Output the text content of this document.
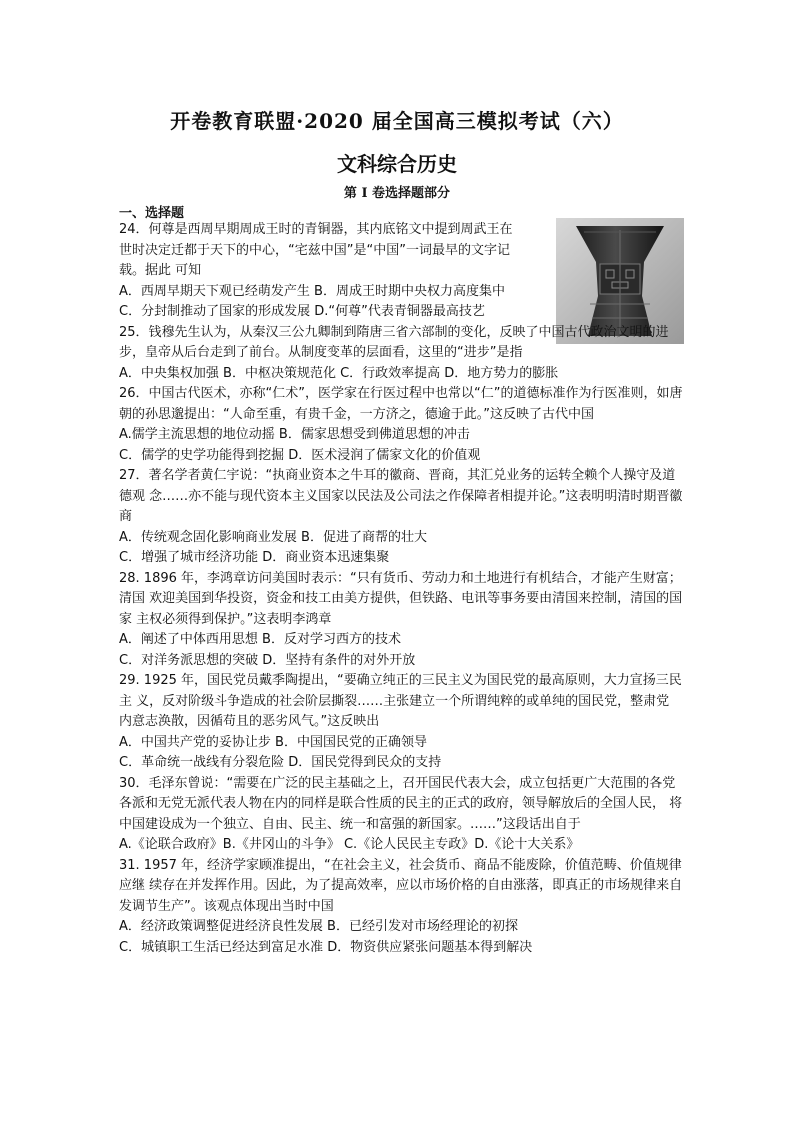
开卷教育联盟·2020 届全国高三模拟考试（六）
文科综合历史
第 I 卷选择题部分
一、选择题

24．何尊是西周早期周成王时的青铜器，其内底铭文中提到周武王在世时决定迁都于天下的中心，“宅兹中国”是“中国”一词最早的文字记载。据此 可知

A．西周早期天下观已经萌发产生 B．周成王时期中央权力高度集中

C．分封制推动了国家的形成发展 D.“何尊”代表青铜器最高技艺

25．钱穆先生认为，从秦汉三公九卿制到隋唐三省六部制的变化，反映了中国古代政治文明的进 步，皇帝从后台走到了前台。从制度变革的层面看，这里的“进步”是指

A．中央集权加强 B．中枢决策规范化 C．行政效率提高 D．地方势力的膨胀

26．中国古代医术，亦称“仁术”，医学家在行医过程中也常以“仁”的道德标准作为行医准则，如唐 朝的孙思邈提出：“人命至重，有贵千金，一方济之，德逾于此。”这反映了古代中国

A.儒学主流思想的地位动摇 B．儒家思想受到佛道思想的冲击

C．儒学的史学功能得到挖掘 D．医术浸润了儒家文化的价值观

27．著名学者黄仁宇说：“执商业资本之牛耳的徽商、晋商，其汇兑业务的运转全赖个人操守及道德观 念……亦不能与现代资本主义国家以民法及公司法之作保障者相提并论。”这表明明清时期晋徽商

A．传统观念固化影响商业发展 B．促进了商帮的壮大

C．增强了城市经济功能 D．商业资本迅速集聚

28. 1896 年，李鸿章访问美国时表示：“只有货币、劳动力和土地进行有机结合，才能产生财富；清国 欢迎美国到华投资，资金和技工由美方提供，但铁路、电讯等事务要由清国来控制，清国的国家 主权必须得到保护。”这表明李鸿章

A．阐述了中体西用思想 B．反对学习西方的技术

C．对洋务派思想的突破 D．坚持有条件的对外开放

29. 1925 年，国民党员戴季陶提出，“要确立纯正的三民主义为国民党的最高原则，大力宣扬三民主 义，反对阶级斗争造成的社会阶层撕裂……主张建立一个所谓纯粹的或单纯的国民党，整肃党 内意志涣散，因循苟且的恶劣风气。”这反映出

A．中国共产党的妥协让步 B．中国国民党的正确领导

C．革命统一战线有分裂危险 D．国民党得到民众的支持

30．毛泽东曾说：“需要在广泛的民主基础之上，召开国民代表大会，成立包括更广大范围的各党各派和无党无派代表人物在内的同样是联合性质的民主的正式的政府，领导解放后的全国人民， 将中国建设成为一个独立、自由、民主、统一和富强的新国家。……”这段话出自于

A.《论联合政府》B.《井冈山的斗争》 C.《论人民民主专政》D.《论十大关系》

31. 1957 年，经济学家顾准提出，“在社会主义，社会货币、商品不能废除，价值范畴、价值规律应继 续存在并发挥作用。因此，为了提高效率，应以市场价格的自由涨落，即真正的市场规律来自 发调节生产”。该观点体现出当时中国

A．经济政策调整促进经济良性发展 B．已经引发对市场经理论的初探

C．城镇职工生活已经达到富足水准 D．物资供应紧张问题基本得到解决
